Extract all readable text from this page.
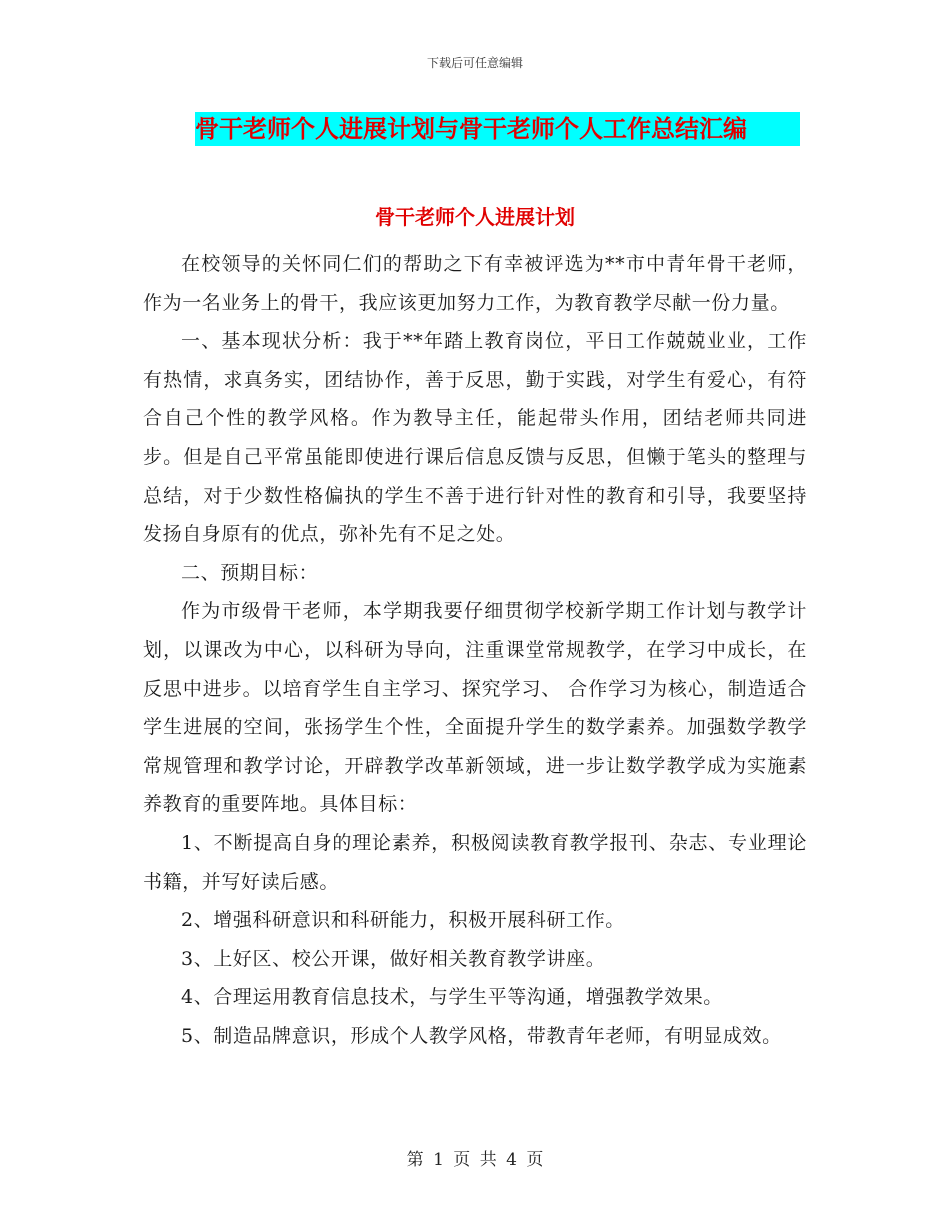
下载后可任意编辑
骨干老师个人进展计划与骨干老师个人工作总结汇编
骨干老师个人进展计划

在校领导的关怀同仁们的帮助之下有幸被评选为**市中青年骨干老师，作为一名业务上的骨干，我应该更加努力工作，为教育教学尽献一份力量。

一、基本现状分析：我于**年踏上教育岗位，平日工作兢兢业业，工作有热情，求真务实，团结协作，善于反思，勤于实践，对学生有爱心，有符合自己个性的教学风格。作为教导主任，能起带头作用，团结老师共同进步。但是自己平常虽能即使进行课后信息反馈与反思，但懒于笔头的整理与总结，对于少数性格偏执的学生不善于进行针对性的教育和引导，我要坚持发扬自身原有的优点，弥补先有不足之处。

二、预期目标：

作为市级骨干老师，本学期我要仔细贯彻学校新学期工作计划与教学计划，以课改为中心，以科研为导向，注重课堂常规教学，在学习中成长，在反思中进步。以培育学生自主学习、探究学习、 合作学习为核心，制造适合学生进展的空间，张扬学生个性，全面提升学生的数学素养。加强数学教学常规管理和教学讨论，开辟教学改革新领域，进一步让数学教学成为实施素养教育的重要阵地。具体目标：

1、不断提高自身的理论素养，积极阅读教育教学报刊、杂志、专业理论书籍，并写好读后感。

2、增强科研意识和科研能力，积极开展科研工作。

3、上好区、校公开课，做好相关教育教学讲座。

4、合理运用教育信息技术，与学生平等沟通，增强教学效果。

5、制造品牌意识，形成个人教学风格，带教青年老师，有明显成效。

第 1 页 共 4 页
